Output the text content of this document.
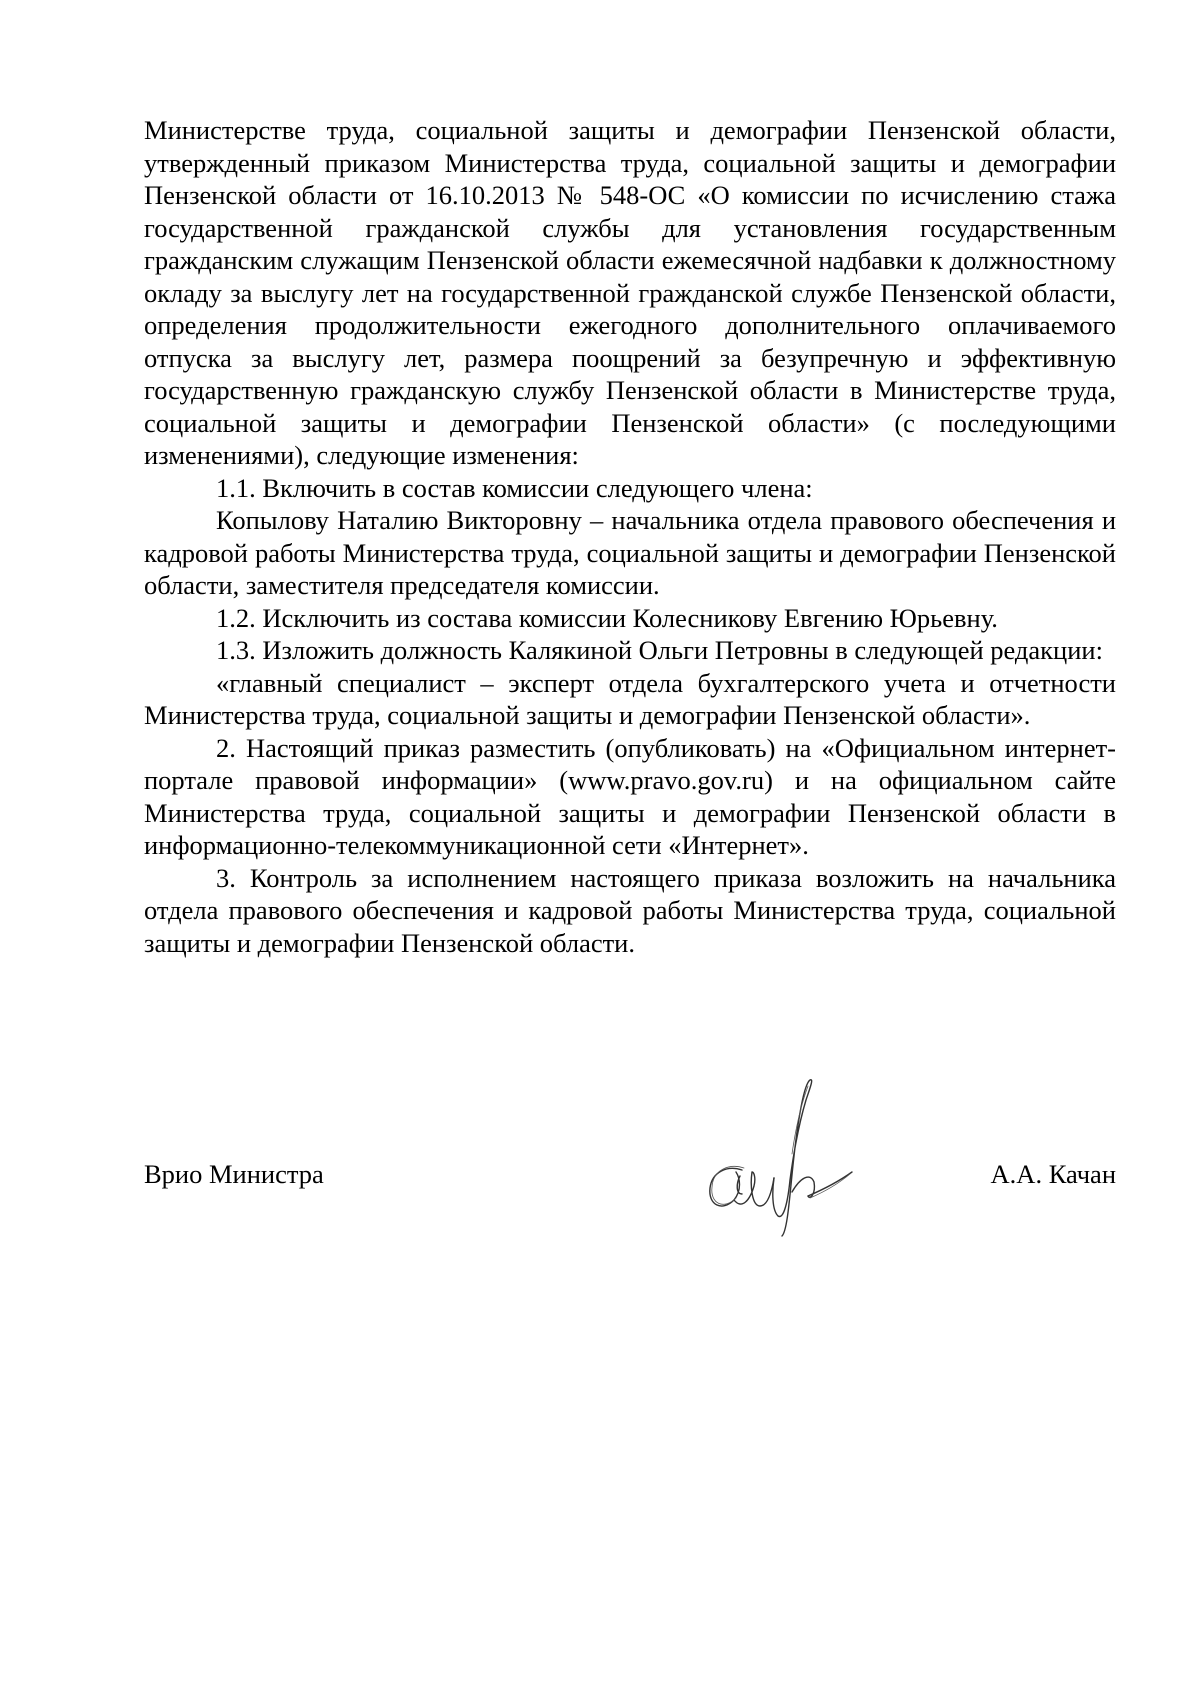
Министерстве труда, социальной защиты и демографии Пензенской области, утвержденный приказом Министерства труда, социальной защиты и демографии Пензенской области от 16.10.2013 № 548-ОС «О комиссии по исчислению стажа государственной гражданской службы для установления государственным гражданским служащим Пензенской области ежемесячной надбавки к должностному окладу за выслугу лет на государственной гражданской службе Пензенской области, определения продолжительности ежегодного дополнительного оплачиваемого отпуска за выслугу лет, размера поощрений за безупречную и эффективную государственную гражданскую службу Пензенской области в Министерстве труда, социальной защиты и демографии Пензенской области» (с последующими изменениями), следующие изменения:

1.1. Включить в состав комиссии следующего члена:

Копылову Наталию Викторовну – начальника отдела правового обеспечения и кадровой работы Министерства труда, социальной защиты и демографии Пензенской области, заместителя председателя комиссии.

1.2. Исключить из состава комиссии Колесникову Евгению Юрьевну.

1.3. Изложить должность Калякиной Ольги Петровны в следующей редакции:

«главный специалист – эксперт отдела бухгалтерского учета и отчетности Министерства труда, социальной защиты и демографии Пензенской области».

2. Настоящий приказ разместить (опубликовать) на «Официальном интернет-портале правовой информации» (www.pravo.gov.ru) и на официальном сайте Министерства труда, социальной защиты и демографии Пензенской области в информационно-телекоммуникационной сети «Интернет».

3. Контроль за исполнением настоящего приказа возложить на начальника отдела правового обеспечения и кадровой работы Министерства труда, социальной защиты и демографии Пензенской области.

Врио Министра	А.А. Качан
